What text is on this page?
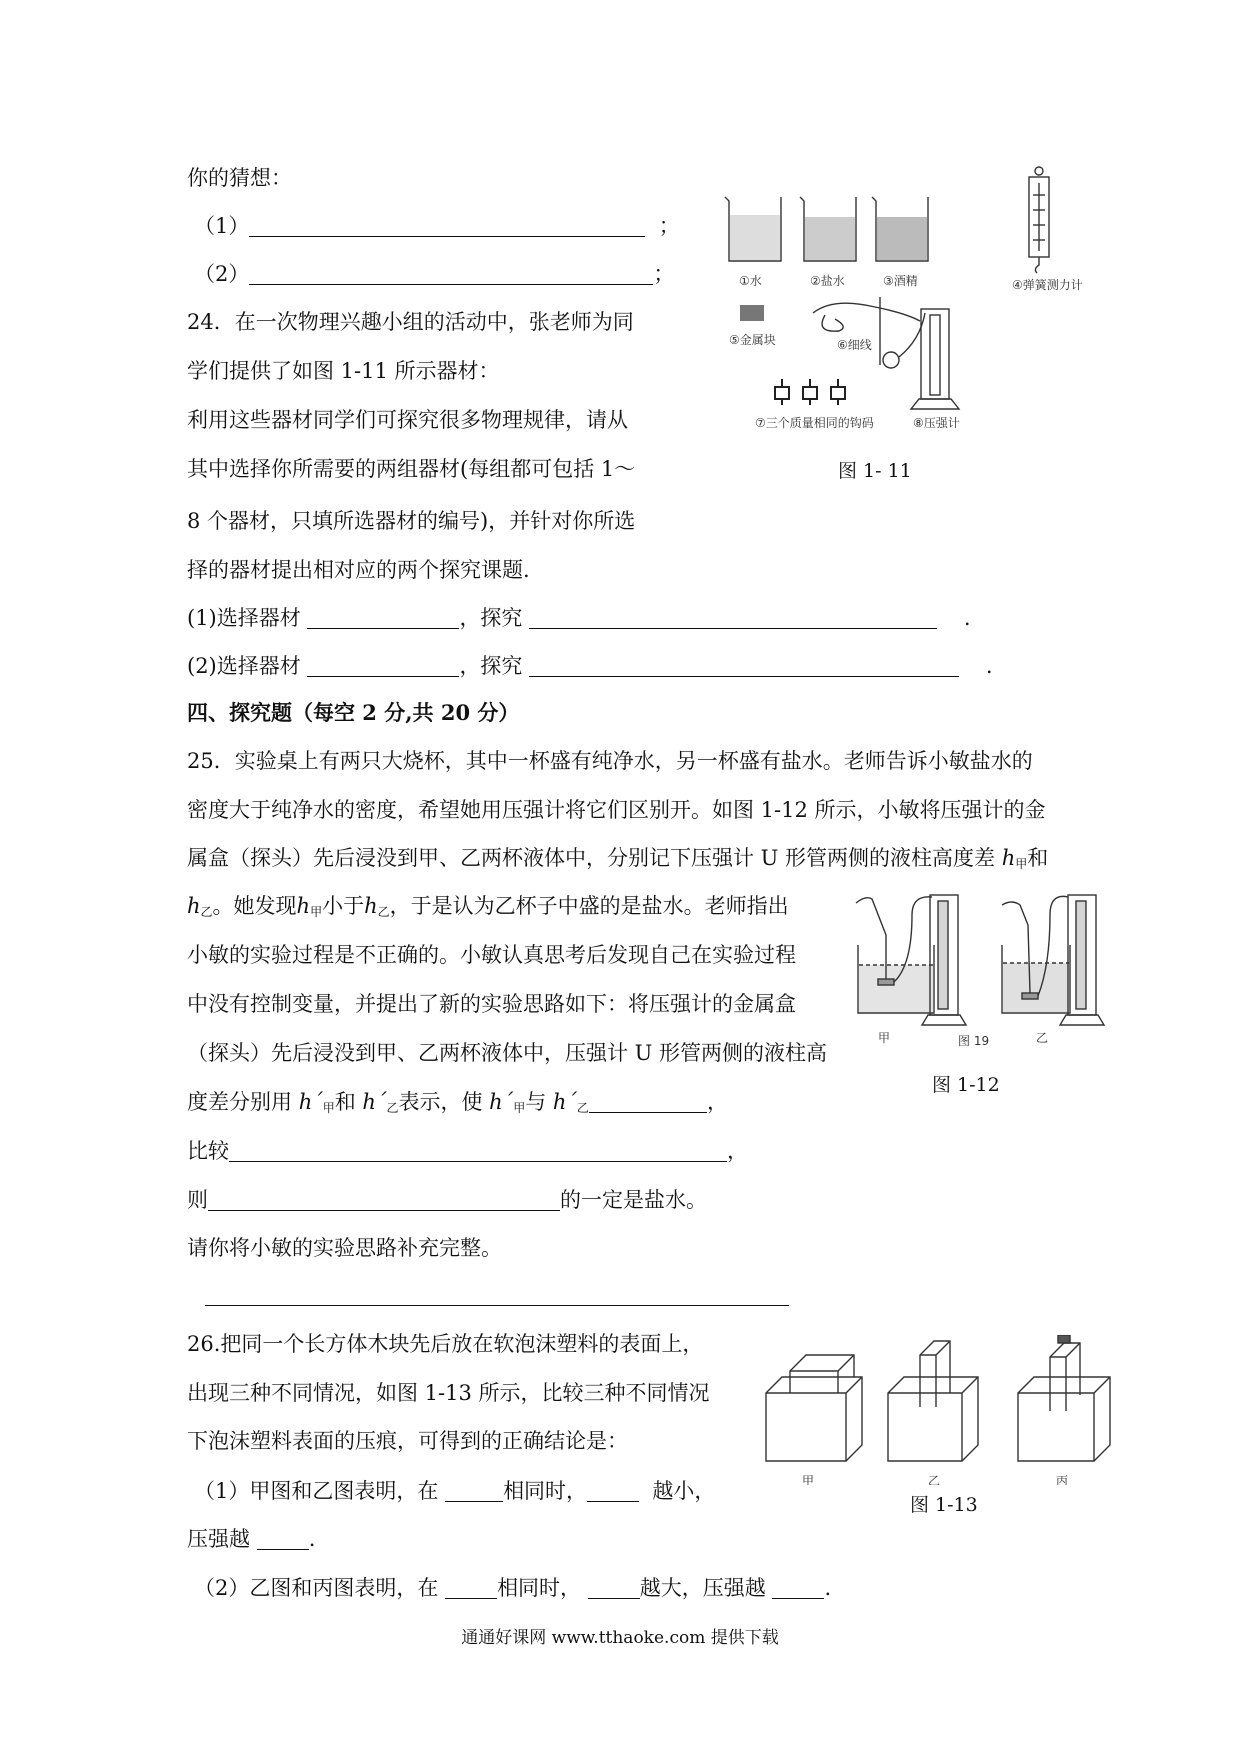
你的猜想：
（1）	；
（2）	；
24．在一次物理兴趣小组的活动中，张老师为同
学们提供了如图 1-11 所示器材：
利用这些器材同学们可探究很多物理规律，请从
其中选择你所需要的两组器材(每组都可包括 1～
8 个器材，只填所选器材的编号)，并针对你所选
择的器材提出相对应的两个探究课题.
(1)选择器材	，探究	.
(2)选择器材	，探究	.
①水	②盐水	③酒精	④弹簧测力计
⑤金属块	⑥细线
⑦三个质量相同的钩码	⑧压强计
图 1- 11
四、探究题（每空 2 分,共 20 分）
25．实验桌上有两只大烧杯，其中一杯盛有纯净水，另一杯盛有盐水。老师告诉小敏盐水的
密度大于纯净水的密度，希望她用压强计将它们区别开。如图 1-12 所示，小敏将压强计的金
属盒（探头）先后浸没到甲、乙两杯液体中，分别记下压强计 U 形管两侧的液柱高度差 $h_甲$和
$h_乙$。她发现$h_甲$小于$h_乙$，于是认为乙杯子中盛的是盐水。老师指出
小敏的实验过程是不正确的。小敏认真思考后发现自己在实验过程
中没有控制变量，并提出了新的实验思路如下：将压强计的金属盒
（探头）先后浸没到甲、乙两杯液体中，压强计 U 形管两侧的液柱高
度差分别用 $h´_甲$和 $h´_乙$表示，使 $h´_甲$与 $h´_乙$	，
比较	，
则	的一定是盐水。
请你将小敏的实验思路补充完整。
甲	图 19	乙
图 1-12
26.把同一个长方体木块先后放在软泡沫塑料的表面上，
出现三种不同情况，如图 1-13 所示，比较三种不同情况
下泡沫塑料表面的压痕，可得到的正确结论是：
（1）甲图和乙图表明，在	相同时，	越小，
压强越	.
（2）乙图和丙图表明，在	相同时，	越大，压强越	.
甲	乙	丙
图 1-13
通通好课网 www.tthaoke.com 提供下载
